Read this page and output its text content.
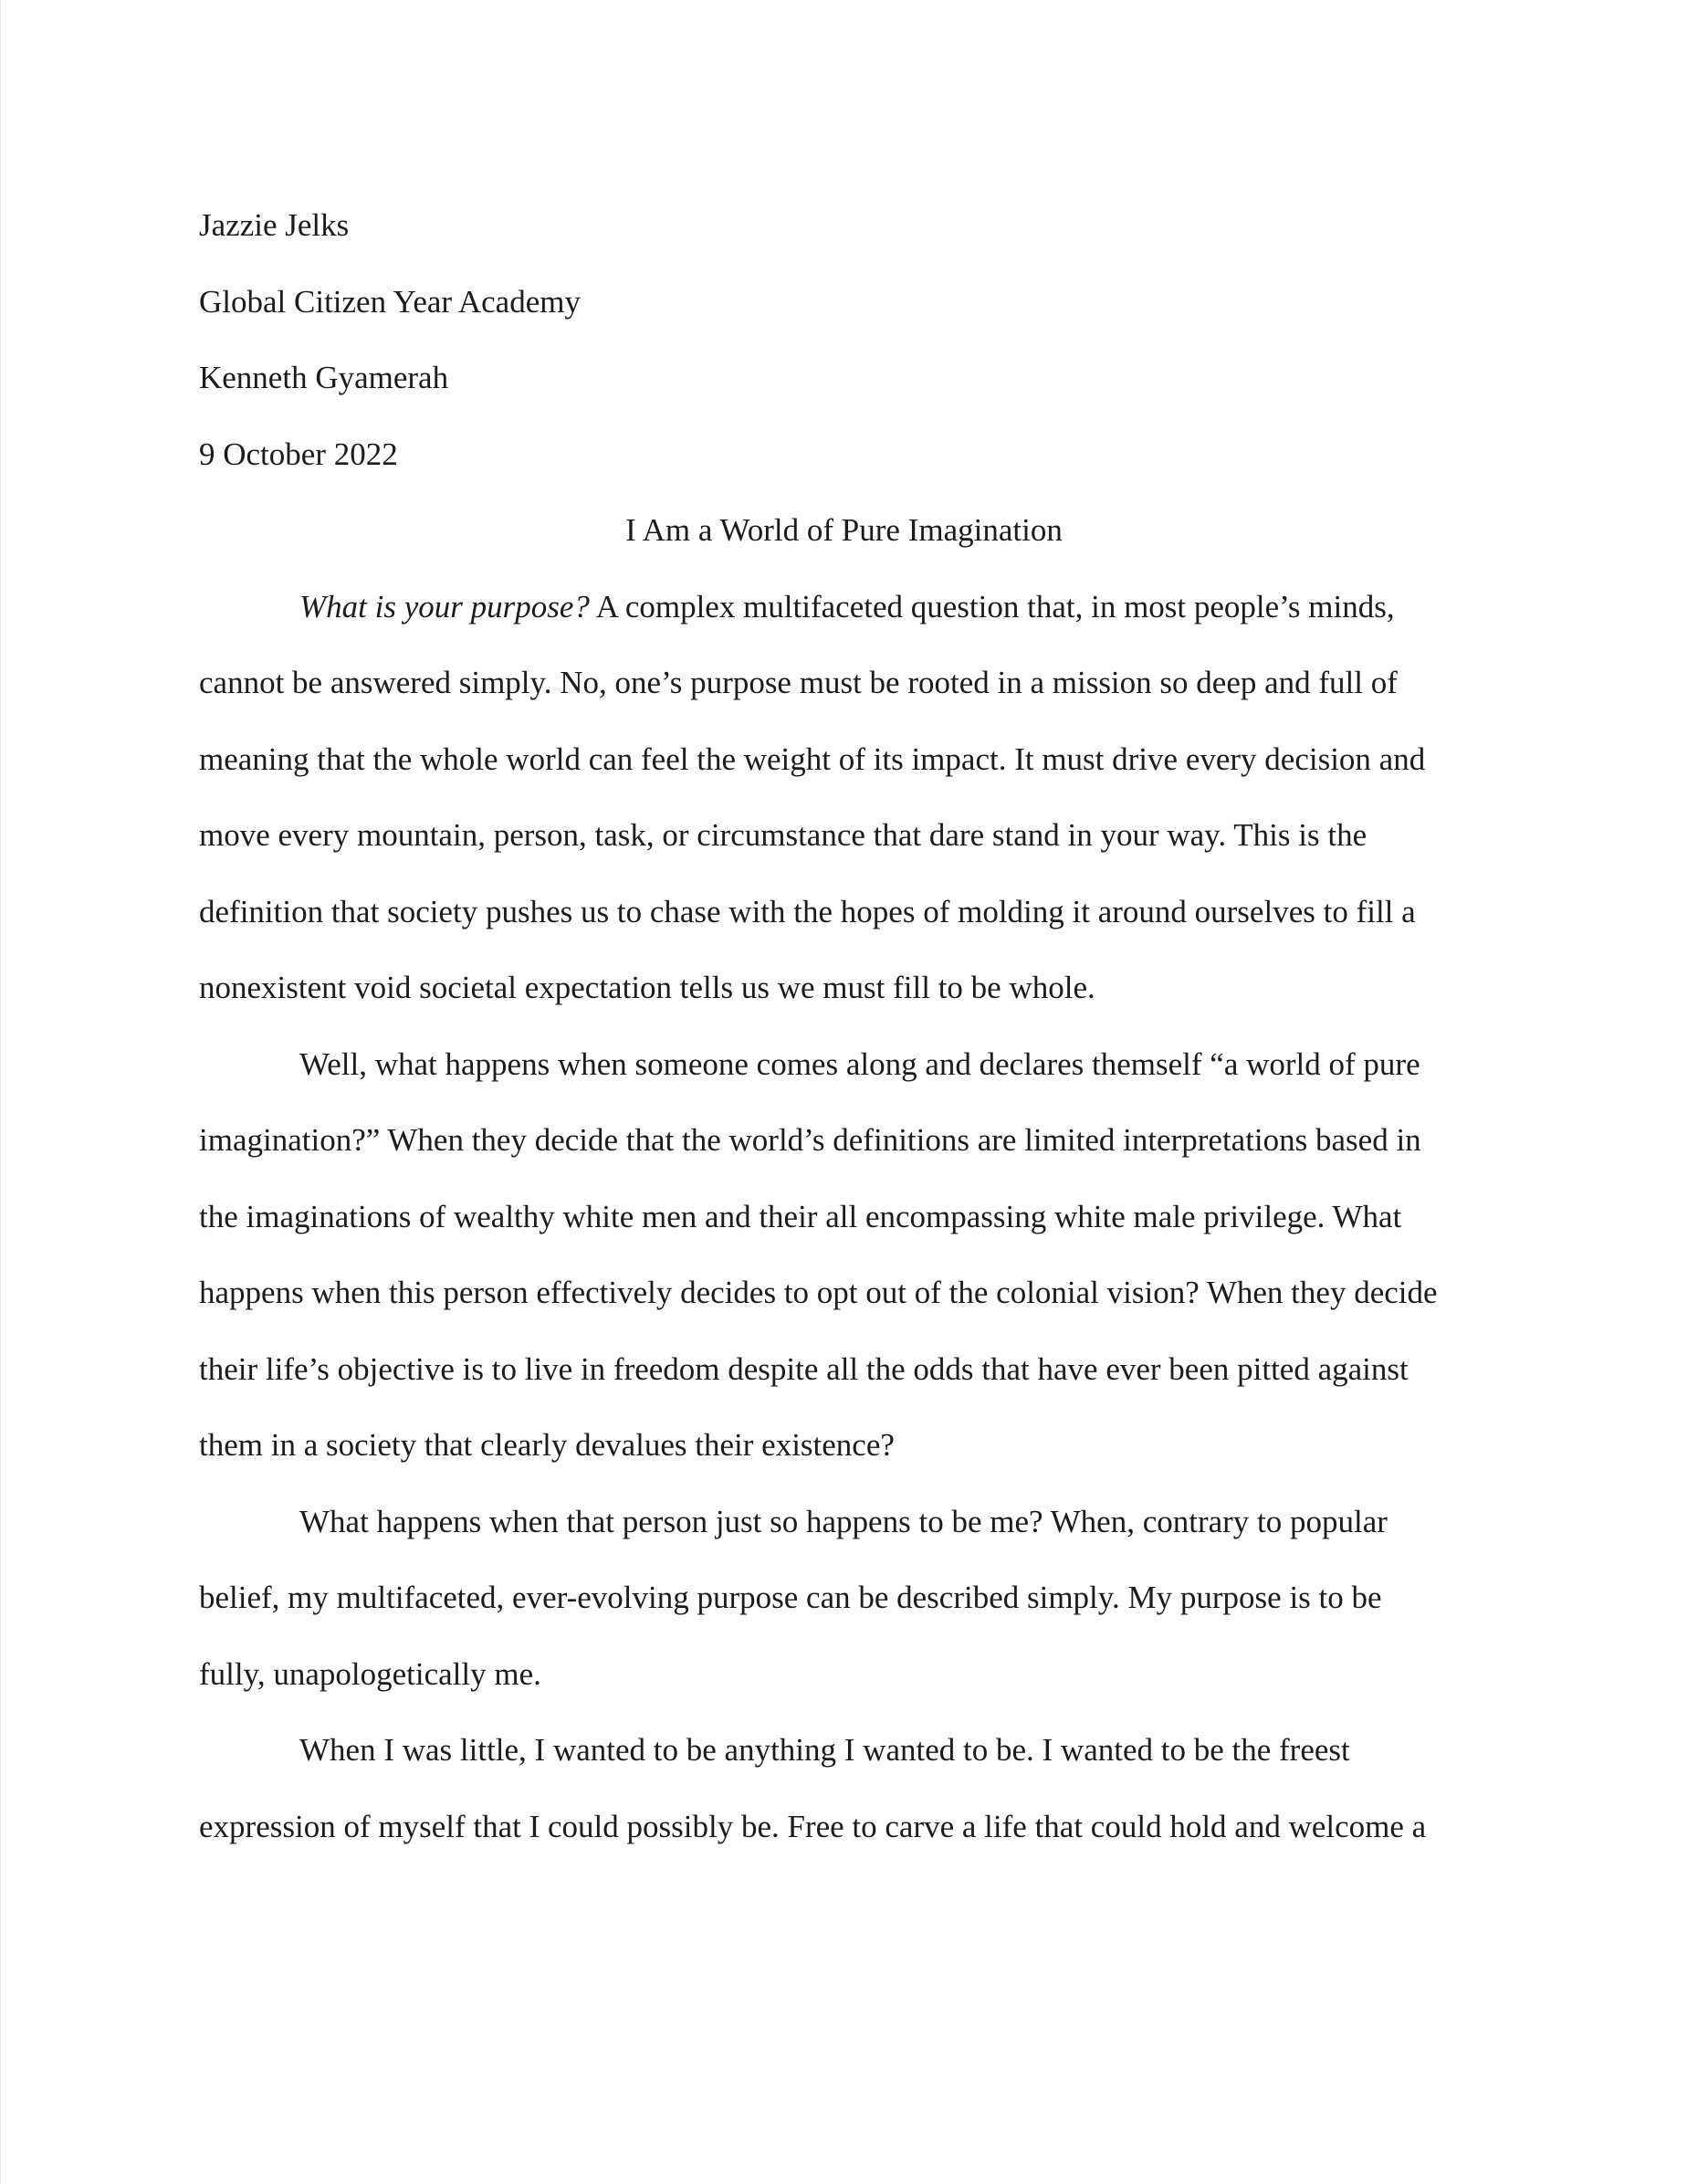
Jazzie Jelks
Global Citizen Year Academy
Kenneth Gyamerah
9 October 2022
I Am a World of Pure Imagination
What is your purpose? A complex multifaceted question that, in most people’s minds,
cannot be answered simply. No, one’s purpose must be rooted in a mission so deep and full of
meaning that the whole world can feel the weight of its impact. It must drive every decision and
move every mountain, person, task, or circumstance that dare stand in your way. This is the
definition that society pushes us to chase with the hopes of molding it around ourselves to fill a
nonexistent void societal expectation tells us we must fill to be whole.
Well, what happens when someone comes along and declares themself “a world of pure
imagination?” When they decide that the world’s definitions are limited interpretations based in
the imaginations of wealthy white men and their all encompassing white male privilege. What
happens when this person effectively decides to opt out of the colonial vision? When they decide
their life’s objective is to live in freedom despite all the odds that have ever been pitted against
them in a society that clearly devalues their existence?
What happens when that person just so happens to be me? When, contrary to popular
belief, my multifaceted, ever-evolving purpose can be described simply. My purpose is to be
fully, unapologetically me.
When I was little, I wanted to be anything I wanted to be. I wanted to be the freest
expression of myself that I could possibly be. Free to carve a life that could hold and welcome a
